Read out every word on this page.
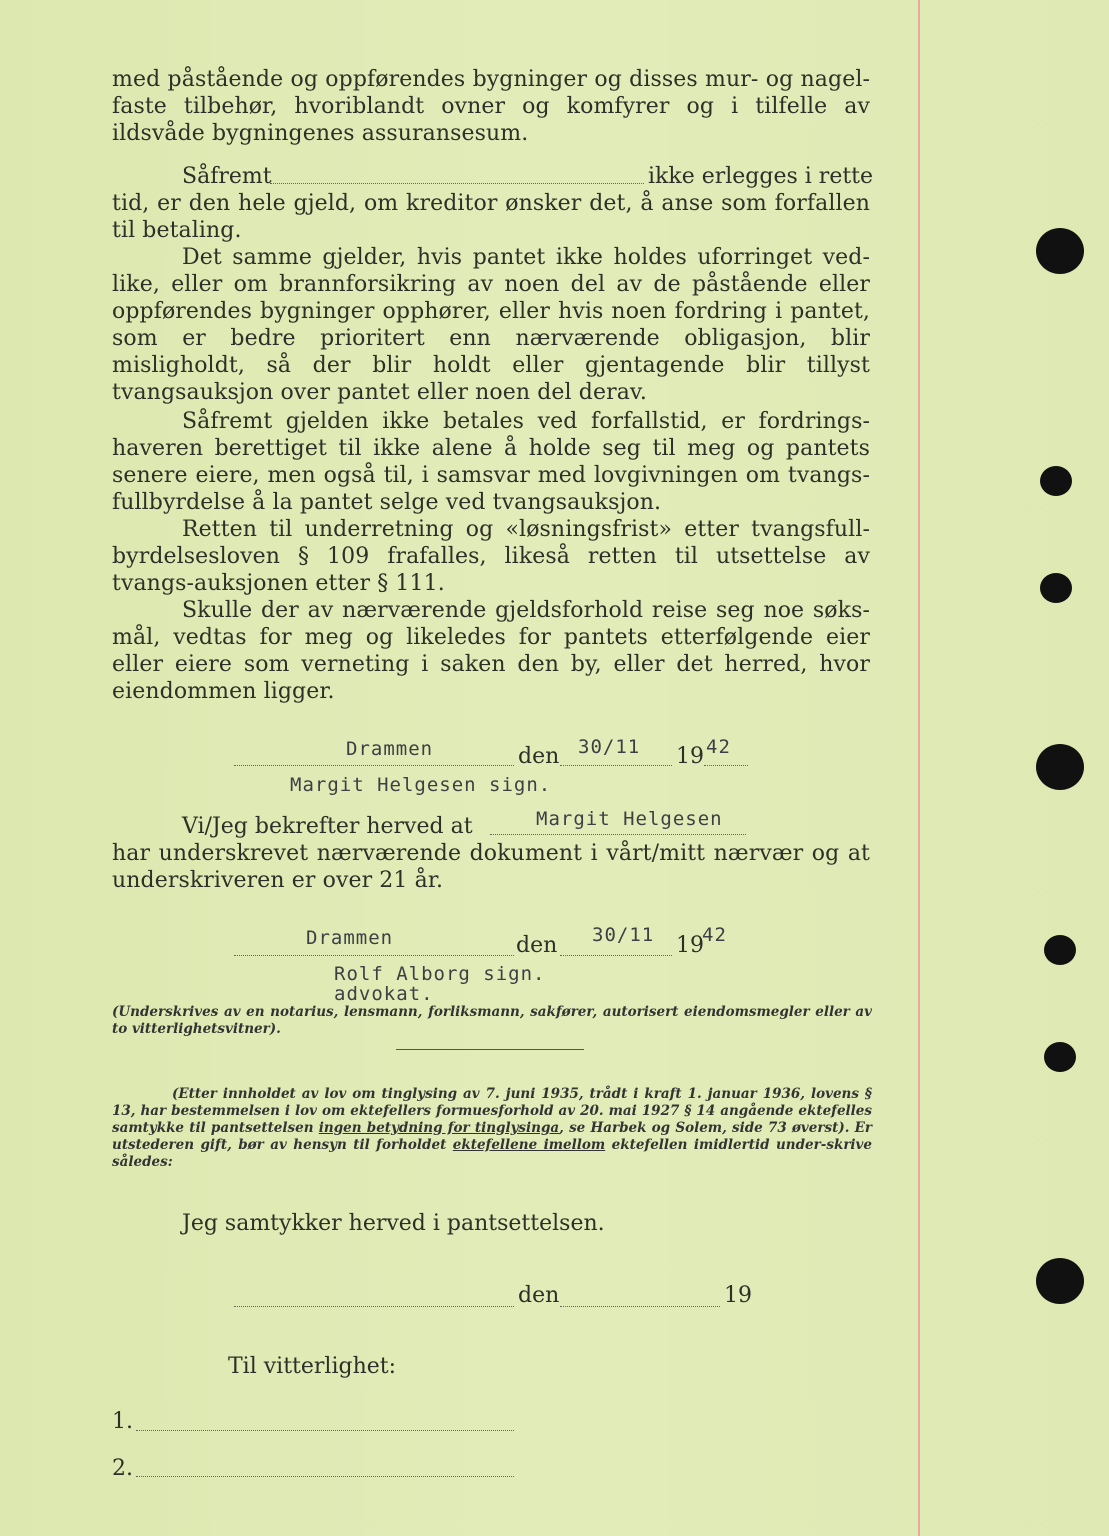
med påstående og oppførendes bygninger og disses mur- og nagel-faste tilbehør, hvoriblandt ovner og komfyrer og i tilfelle av ildsvåde bygningenes assuransesum.

Såfremt	ikke erlegges i rette

tid, er den hele gjeld, om kreditor ønsker det, å anse som forfallen til betaling.

Det samme gjelder, hvis pantet ikke holdes uforringet ved-like, eller om brannforsikring av noen del av de påstående eller oppførendes bygninger opphører, eller hvis noen fordring i pantet, som er bedre prioritert enn nærværende obligasjon, blir misligholdt, så der blir holdt eller gjentagende blir tillyst tvangsauksjon over pantet eller noen del derav.

Såfremt gjelden ikke betales ved forfallstid, er fordrings-haveren berettiget til ikke alene å holde seg til meg og pantets senere eiere, men også til, i samsvar med lovgivningen om tvangs-fullbyrdelse å la pantet selge ved tvangsauksjon.

Retten til underretning og «løsningsfrist» etter tvangsfull-byrdelsesloven § 109 frafalles, likeså retten til utsettelse av tvangs-auksjonen etter § 111.

Skulle der av nærværende gjeldsforhold reise seg noe søks-mål, vedtas for meg og likeledes for pantets etterfølgende eier eller eiere som verneting i saken den by, eller det herred, hvor eiendommen ligger.

Drammen	den 30/11 19 42
Margit Helgesen sign.
Vi/Jeg bekrefter herved at	Margit Helgesen

har underskrevet nærværende dokument i vårt/mitt nærvær og at underskriveren er over 21 år.

Drammen	den 30/11 19
42
Rolf Alborg sign.
advokat.

(Underskrives av en notarius, lensmann, forliksmann, sakfører, autorisert eiendomsmegler eller av to vitterlighetsvitner).

(Etter innholdet av lov om tinglysing av 7. juni 1935, trådt i kraft 1. januar 1936, lovens § 13, har bestemmelsen i lov om ektefellers formuesforhold av 20. mai 1927 § 14 angående ektefelles samtykke til pantsettelsen ingen betydning for tinglysinga, se Harbek og Solem, side 73 øverst). Er utstederen gift, bør av hensyn til forholdet ektefellene imellom ektefellen imidlertid under-skrive således:

Jeg samtykker herved i pantsettelsen.
den	19
Til vitterlighet:
1.
2.
